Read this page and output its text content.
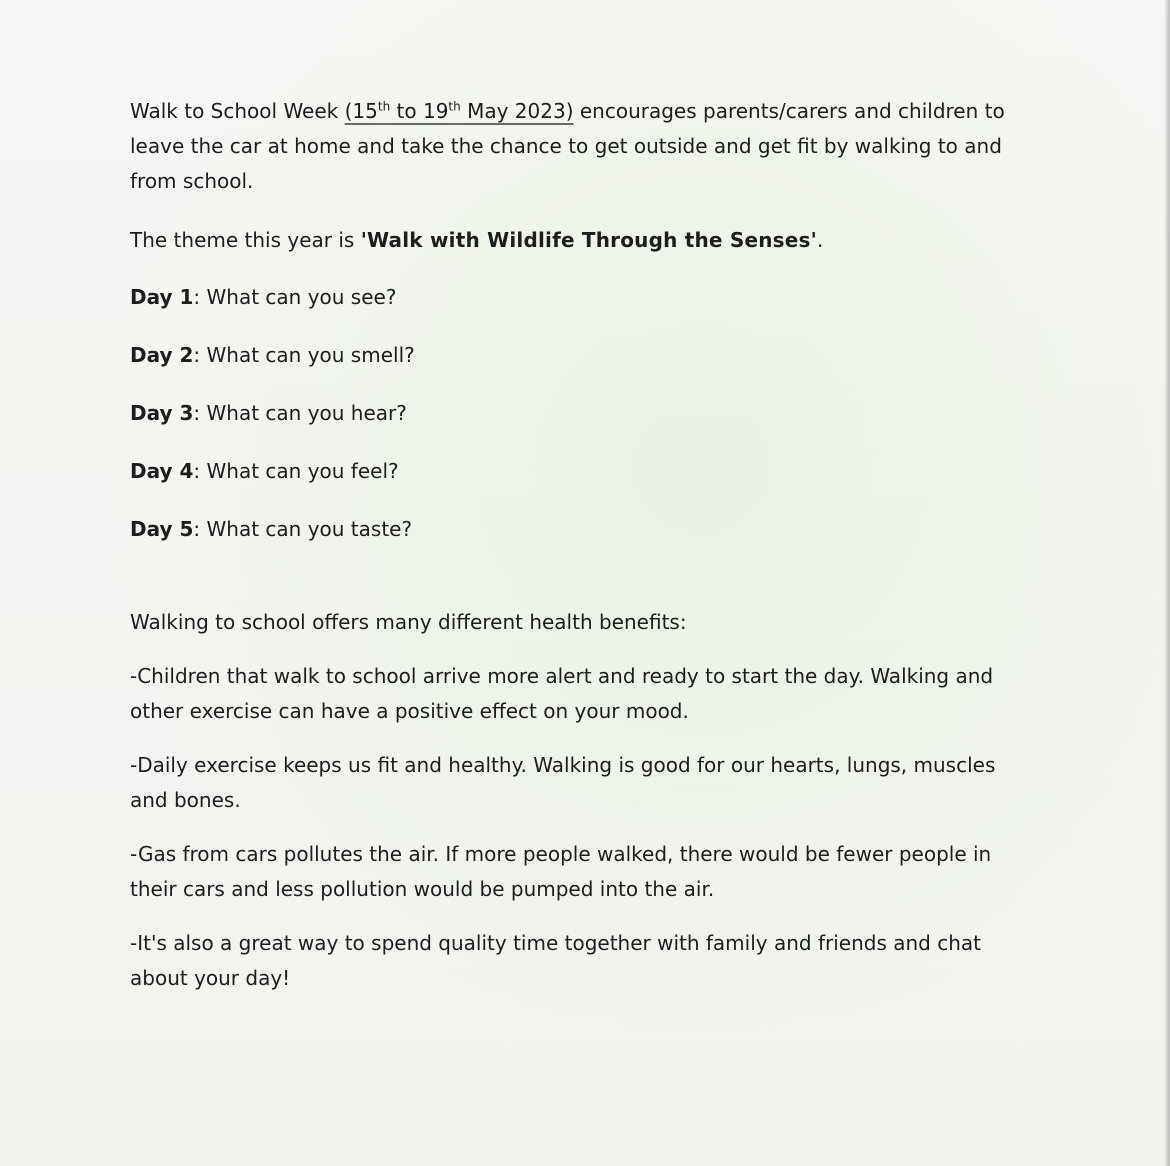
Walk to School Week (15th to 19th May 2023) encourages parents/carers and children to leave the car at home and take the chance to get outside and get fit by walking to and from school.

The theme this year is 'Walk with Wildlife Through the Senses'.

Day 1: What can you see?

Day 2: What can you smell?

Day 3: What can you hear?

Day 4: What can you feel?

Day 5: What can you taste?

Walking to school offers many different health benefits:

-Children that walk to school arrive more alert and ready to start the day. Walking and other exercise can have a positive effect on your mood.

-Daily exercise keeps us fit and healthy. Walking is good for our hearts, lungs, muscles and bones.

-Gas from cars pollutes the air. If more people walked, there would be fewer people in their cars and less pollution would be pumped into the air.

-It's also a great way to spend quality time together with family and friends and chat about your day!
